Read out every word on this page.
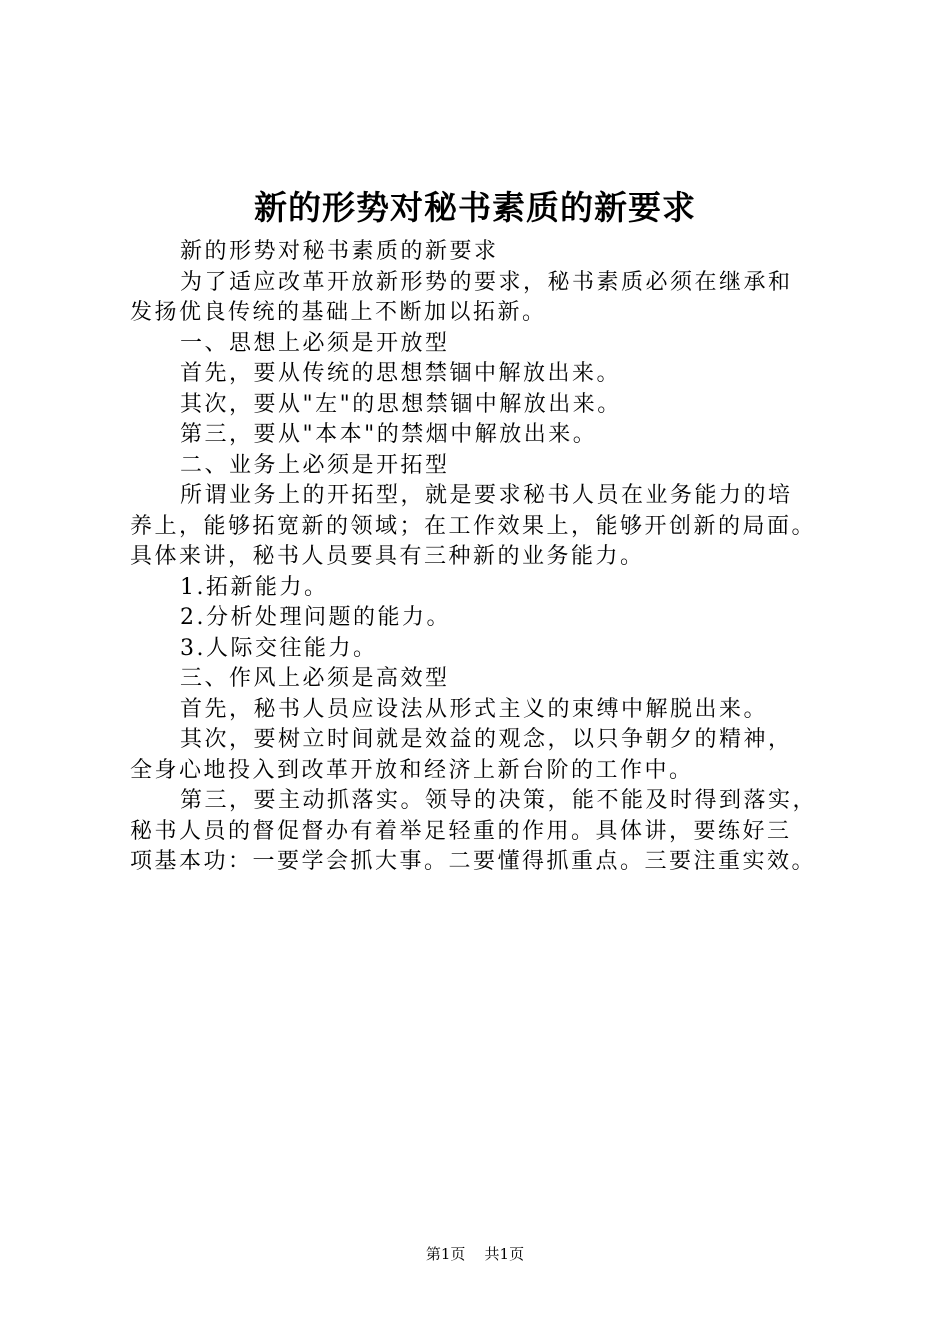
新的形势对秘书素质的新要求

新的形势对秘书素质的新要求

为了适应改革开放新形势的要求，秘书素质必须在继承和
发扬优良传统的基础上不断加以拓新。

一、思想上必须是开放型

首先，要从传统的思想禁锢中解放出来。

其次，要从"左"的思想禁锢中解放出来。

第三，要从"本本"的禁烟中解放出来。

二、业务上必须是开拓型

所谓业务上的开拓型，就是要求秘书人员在业务能力的培
养上，能够拓宽新的领域；在工作效果上，能够开创新的局面。
具体来讲，秘书人员要具有三种新的业务能力。

1.拓新能力。

2.分析处理问题的能力。

3.人际交往能力。

三、作风上必须是高效型

首先，秘书人员应设法从形式主义的束缚中解脱出来。

其次，要树立时间就是效益的观念，以只争朝夕的精神，
全身心地投入到改革开放和经济上新台阶的工作中。

第三，要主动抓落实。领导的决策，能不能及时得到落实，
秘书人员的督促督办有着举足轻重的作用。具体讲，要练好三
项基本功：一要学会抓大事。二要懂得抓重点。三要注重实效。

第1页 共1页
